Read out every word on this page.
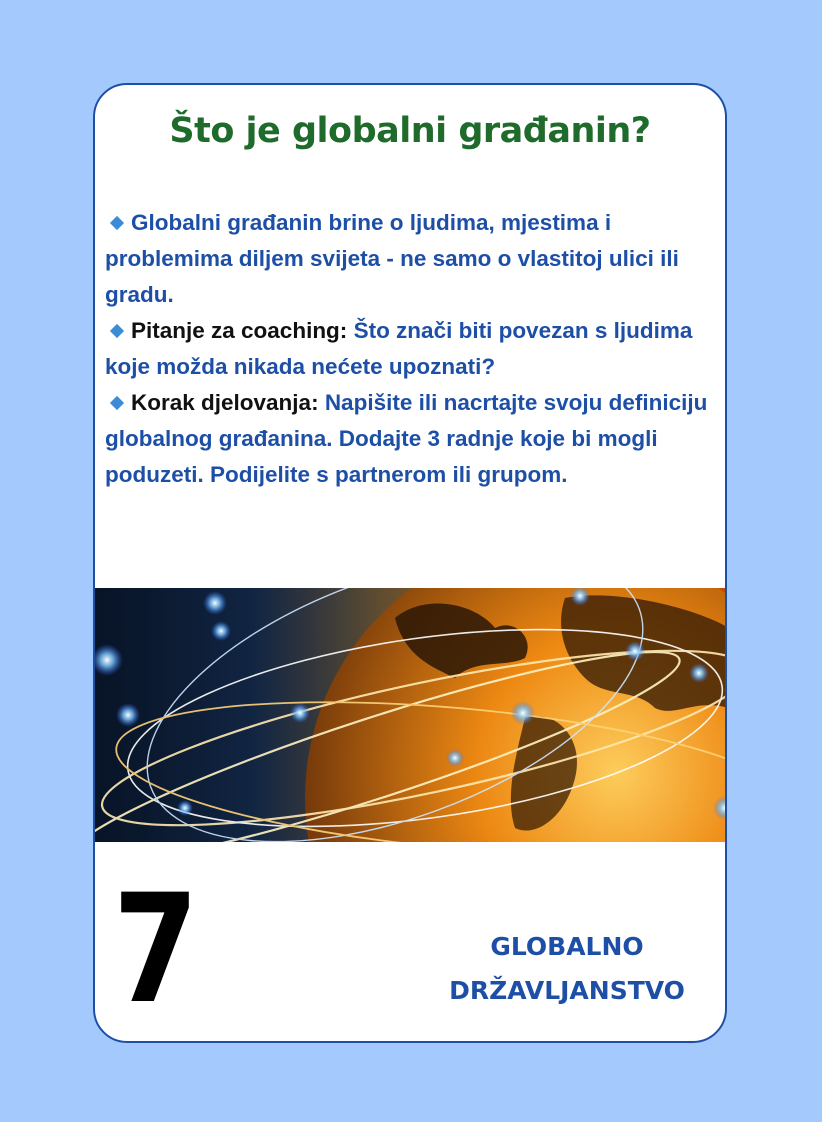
Što je globalni građanin?

Globalni građanin brine o ljudima, mjestima i problemima diljem svijeta - ne samo o vlastitoj ulici ili gradu.

Pitanje za coaching: Što znači biti povezan s ljudima koje možda nikada nećete upoznati?

Korak djelovanja: Napišite ili nacrtajte svoju definiciju globalnog građanina. Dodajte 3 radnje koje bi mogli poduzeti. Podijelite s partnerom ili grupom.

7	GLOBALNO
DRŽAVLJANSTVO
